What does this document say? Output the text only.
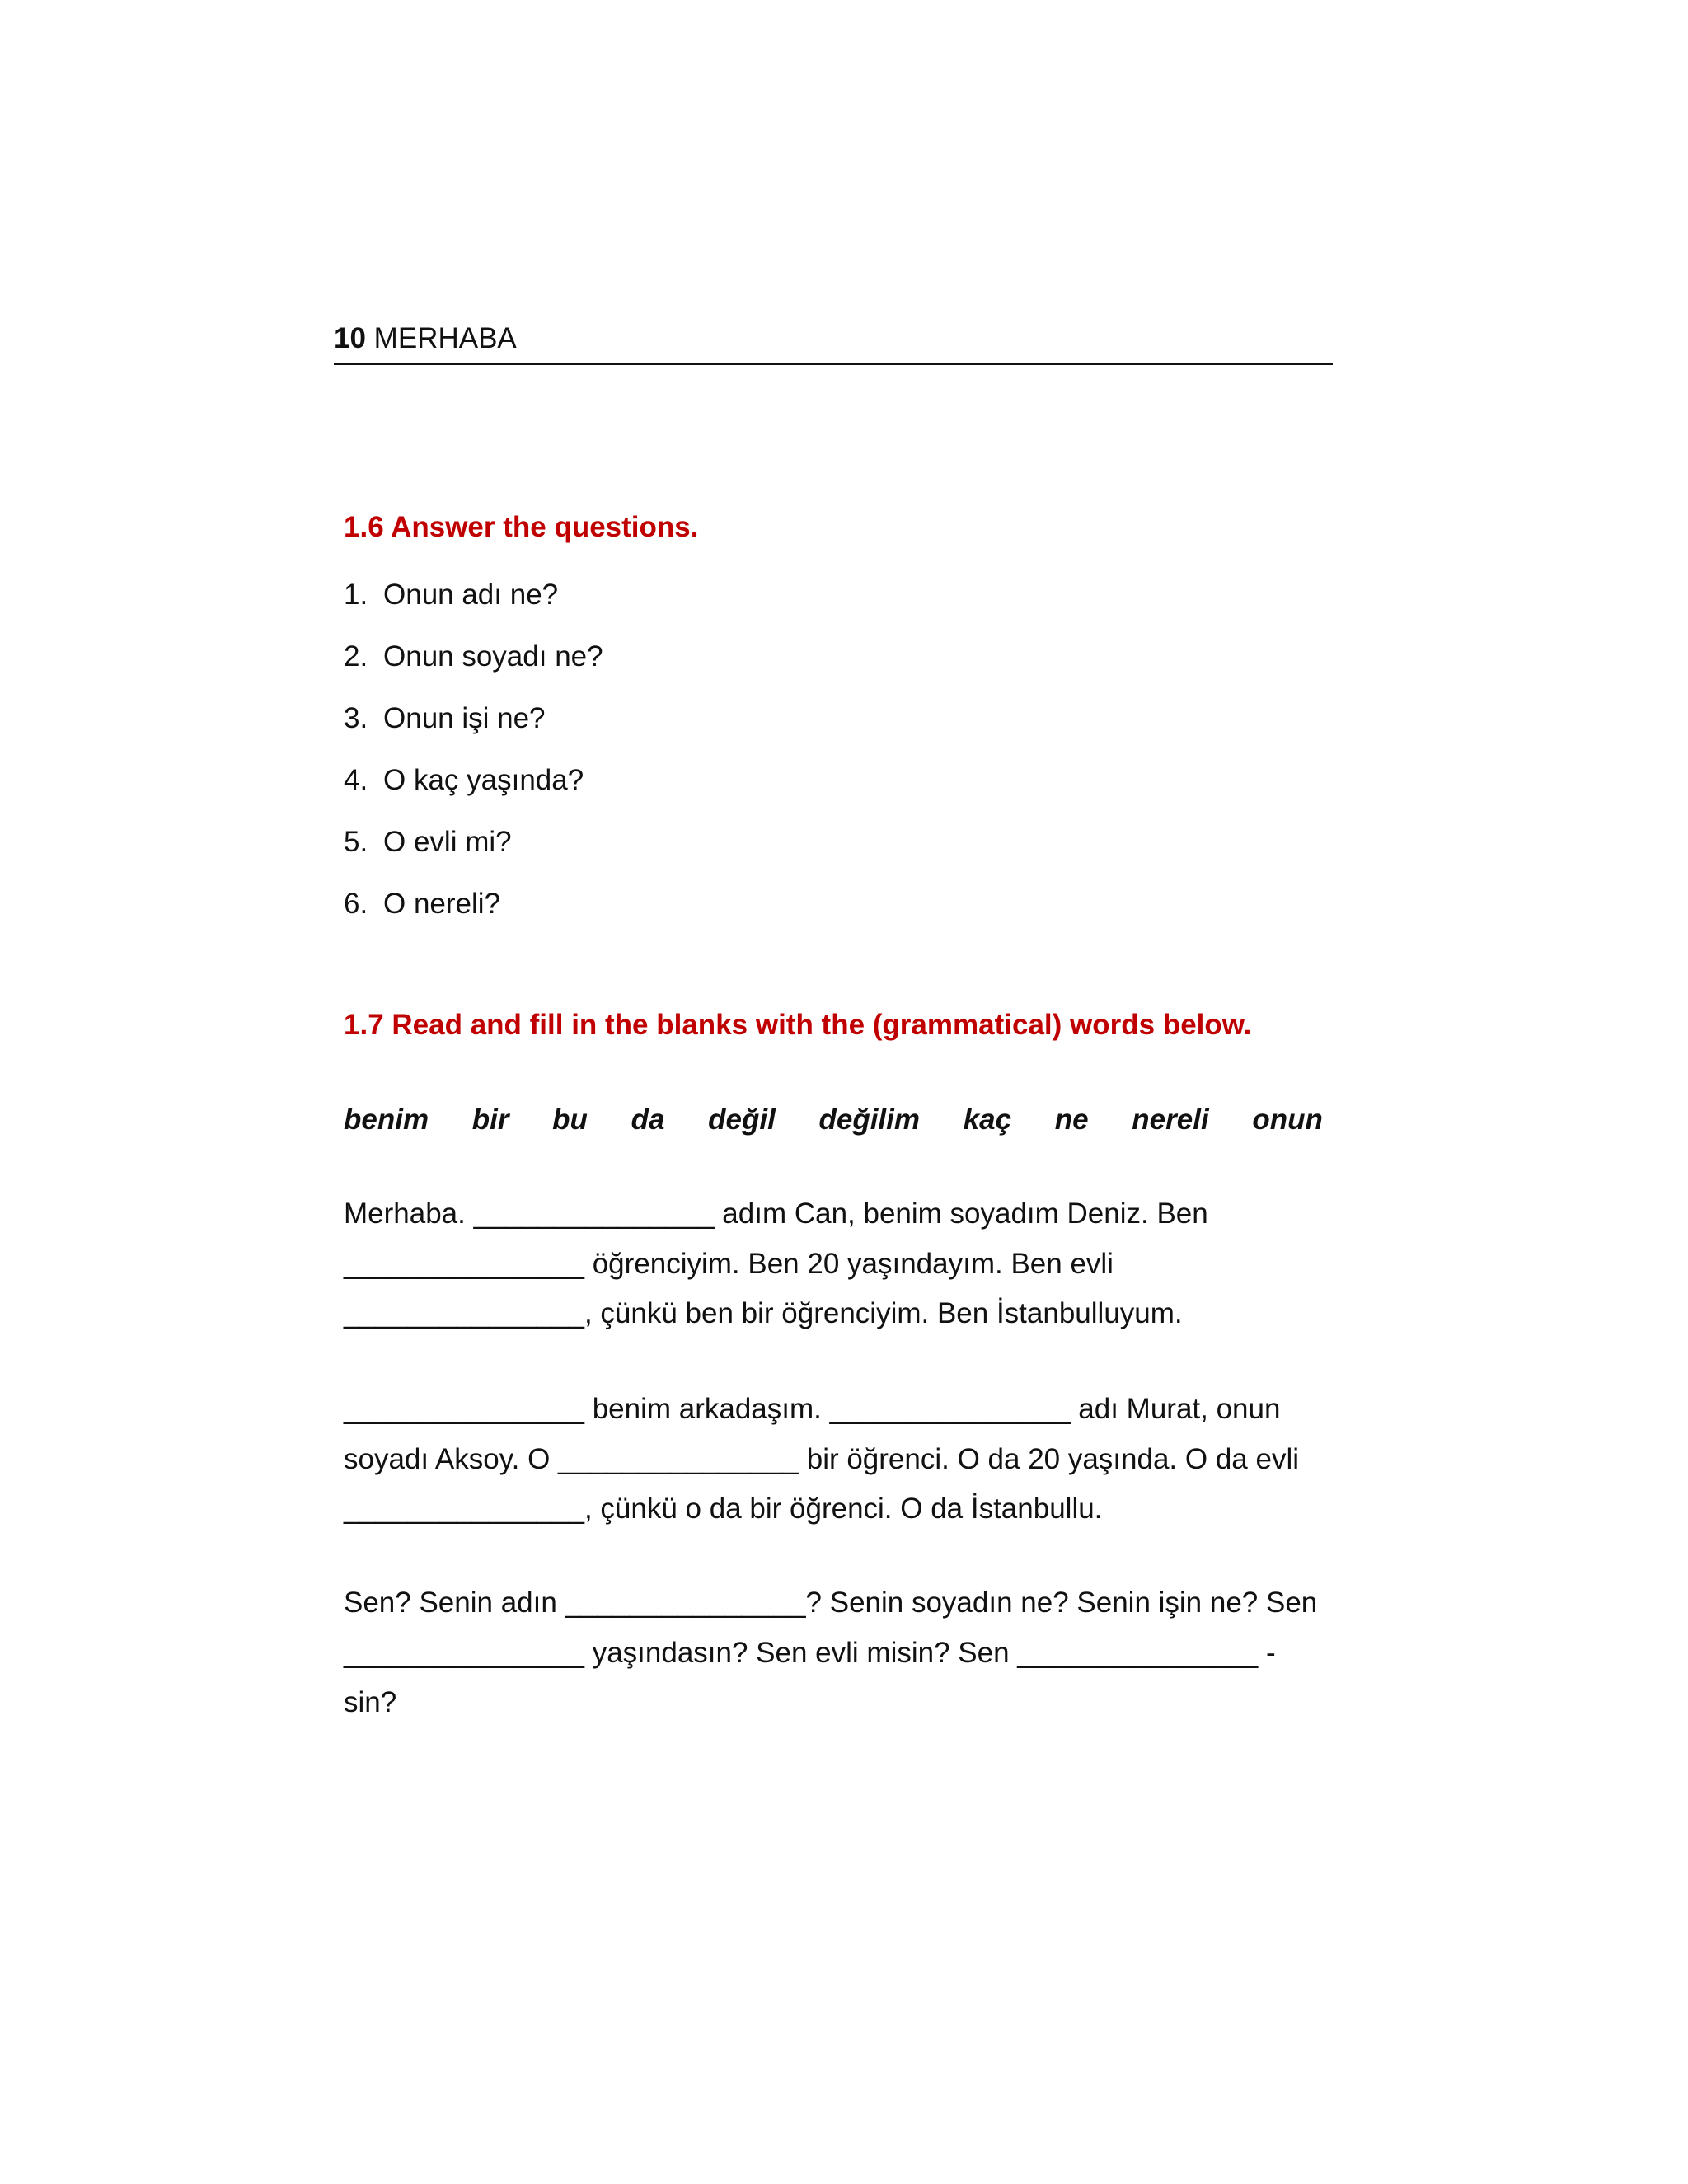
10 MERHABA
1.6 Answer the questions.
1. Onun adı ne?
2. Onun soyadı ne?
3. Onun işi ne?
4. O kaç yaşında?
5. O evli mi?
6. O nereli?
1.7 Read and fill in the blanks with the (grammatical) words below.
benim bir bu da değil değilim kaç ne nereli onun
Merhaba. _______________ adım Can, benim soyadım Deniz. Ben
_______________ öğrenciyim. Ben 20 yaşındayım. Ben evli
_______________, çünkü ben bir öğrenciyim. Ben İstanbulluyum.
_______________ benim arkadaşım. _______________ adı Murat, onun
soyadı Aksoy. O _______________ bir öğrenci. O da 20 yaşında. O da evli
_______________, çünkü o da bir öğrenci. O da İstanbullu.
Sen? Senin adın _______________? Senin soyadın ne? Senin işin ne? Sen
_______________ yaşındasın? Sen evli misin? Sen _______________ -
sin?
